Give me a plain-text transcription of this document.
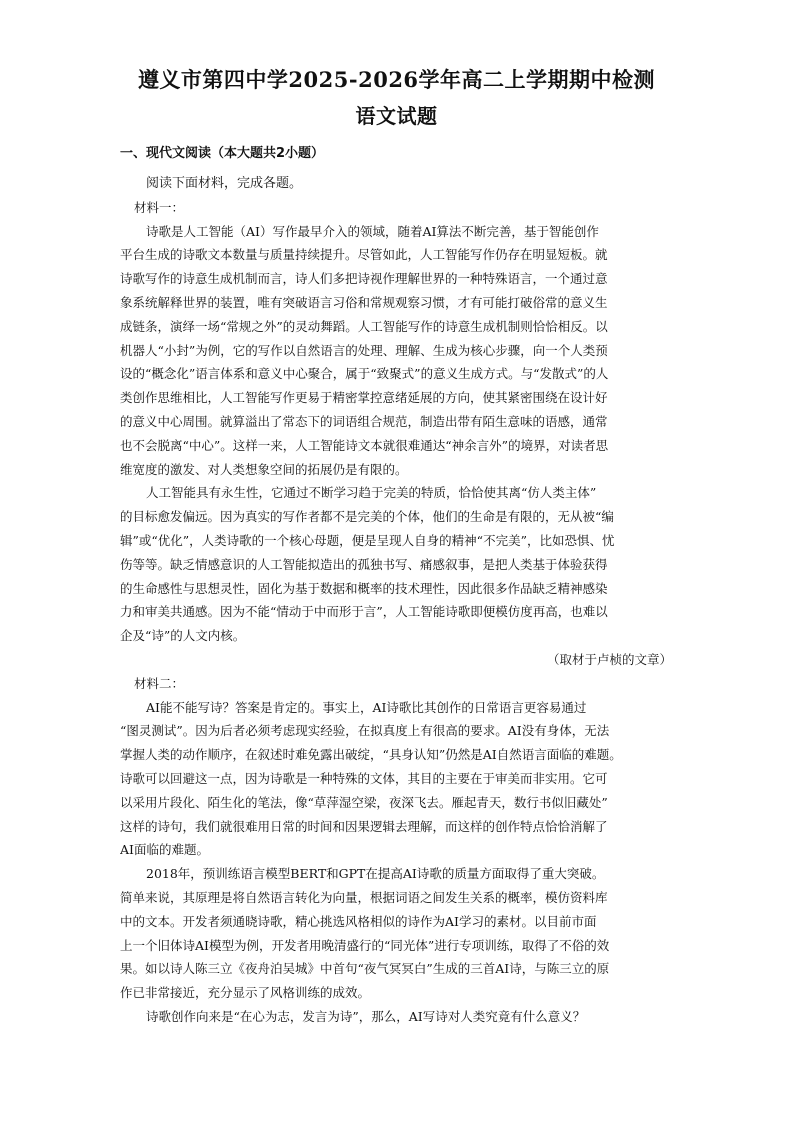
遵义市第四中学2025-2026学年高二上学期期中检测
语文试题
一、现代文阅读（本大题共2小题）
阅读下面材料，完成各题。
材料一：
诗歌是人工智能（AI）写作最早介入的领域，随着AI算法不断完善，基于智能创作
平台生成的诗歌文本数量与质量持续提升。尽管如此，人工智能写作仍存在明显短板。就
诗歌写作的诗意生成机制而言，诗人们多把诗视作理解世界的一种特殊语言，一个通过意
象系统解释世界的装置，唯有突破语言习俗和常规观察习惯，才有可能打破俗常的意义生
成链条，演绎一场“常规之外”的灵动舞蹈。人工智能写作的诗意生成机制则恰恰相反。以
机器人“小封”为例，它的写作以自然语言的处理、理解、生成为核心步骤，向一个人类预
设的“概念化”语言体系和意义中心聚合，属于“致聚式”的意义生成方式。与“发散式”的人
类创作思维相比，人工智能写作更易于精密掌控意绪延展的方向，使其紧密围绕在设计好
的意义中心周围。就算溢出了常态下的词语组合规范，制造出带有陌生意味的语感，通常
也不会脱离“中心”。这样一来，人工智能诗文本就很难通达“神余言外”的境界，对读者思
维宽度的激发、对人类想象空间的拓展仍是有限的。
人工智能具有永生性，它通过不断学习趋于完美的特质，恰恰使其离“仿人类主体”
的目标愈发偏远。因为真实的写作者都不是完美的个体，他们的生命是有限的，无从被“编
辑”或“优化”，人类诗歌的一个核心母题，便是呈现人自身的精神“不完美”，比如恐惧、忧
伤等等。缺乏情感意识的人工智能拟造出的孤独书写、痛感叙事，是把人类基于体验获得
的生命感性与思想灵性，固化为基于数据和概率的技术理性，因此很多作品缺乏精神感染
力和审美共通感。因为不能“情动于中而形于言”，人工智能诗歌即便模仿度再高，也难以
企及“诗”的人文内核。
（取材于卢桢的文章）
材料二：
AI能不能写诗？答案是肯定的。事实上，AI诗歌比其创作的日常语言更容易通过
“图灵测试”。因为后者必须考虑现实经验，在拟真度上有很高的要求。AI没有身体，无法
掌握人类的动作顺序，在叙述时难免露出破绽，“具身认知”仍然是AI自然语言面临的难题。
诗歌可以回避这一点，因为诗歌是一种特殊的文体，其目的主要在于审美而非实用。它可
以采用片段化、陌生化的笔法，像“草萍湿空梁，夜深飞去。雁起青天，数行书似旧藏处”
这样的诗句，我们就很难用日常的时间和因果逻辑去理解，而这样的创作特点恰恰消解了
AI面临的难题。
2018年，预训练语言模型BERT和GPT在提高AI诗歌的质量方面取得了重大突破。
简单来说，其原理是将自然语言转化为向量，根据词语之间发生关系的概率，模仿资料库
中的文本。开发者须通晓诗歌，精心挑选风格相似的诗作为AI学习的素材。以目前市面
上一个旧体诗AI模型为例，开发者用晚清盛行的“同光体”进行专项训练，取得了不俗的效
果。如以诗人陈三立《夜舟泊吴城》中首句“夜气冥冥白”生成的三首AI诗，与陈三立的原
作已非常接近，充分显示了风格训练的成效。
诗歌创作向来是“在心为志，发言为诗”，那么，AI写诗对人类究竟有什么意义？
